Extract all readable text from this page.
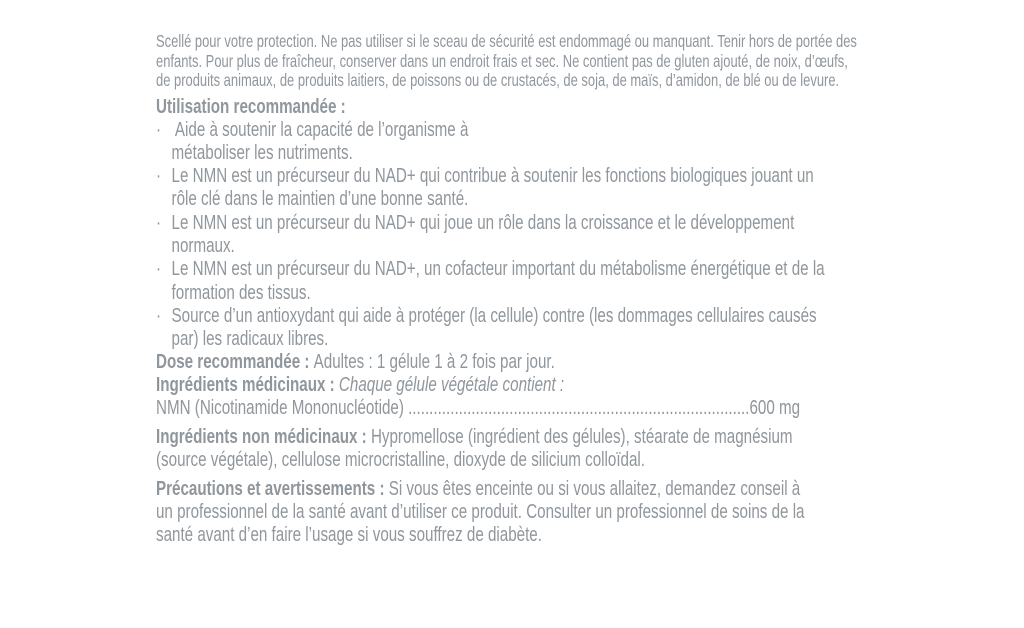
Scellé pour votre protection. Ne pas utiliser si le sceau de sécurité est endommagé ou manquant. Tenir hors de portée des
enfants. Pour plus de fraîcheur, conserver dans un endroit frais et sec. Ne contient pas de gluten ajouté, de noix, d’œufs,
de produits animaux, de produits laitiers, de poissons ou de crustacés, de soja, de maïs, d’amidon, de blé ou de levure.
Utilisation recommandée :
· Aide à soutenir la capacité de l’organisme à
métaboliser les nutriments.
· Le NMN est un précurseur du NAD+ qui contribue à soutenir les fonctions biologiques jouant un
rôle clé dans le maintien d’une bonne santé.
· Le NMN est un précurseur du NAD+ qui joue un rôle dans la croissance et le développement
normaux.
· Le NMN est un précurseur du NAD+, un cofacteur important du métabolisme énergétique et de la
formation des tissus.
· Source d’un antioxydant qui aide à protéger (la cellule) contre (les dommages cellulaires causés
par) les radicaux libres.
Dose recommandée : Adultes : 1 gélule 1 à 2 fois par jour.
Ingrédients médicinaux : Chaque gélule végétale contient :
NMN (Nicotinamide Mononucléotide) .................................................................................600 mg
Ingrédients non médicinaux : Hypromellose (ingrédient des gélules), stéarate de magnésium
(source végétale), cellulose microcristalline, dioxyde de silicium colloïdal.
Précautions et avertissements : Si vous êtes enceinte ou si vous allaitez, demandez conseil à
un professionnel de la santé avant d’utiliser ce produit. Consulter un professionnel de soins de la
santé avant d’en faire l’usage si vous souffrez de diabète.
